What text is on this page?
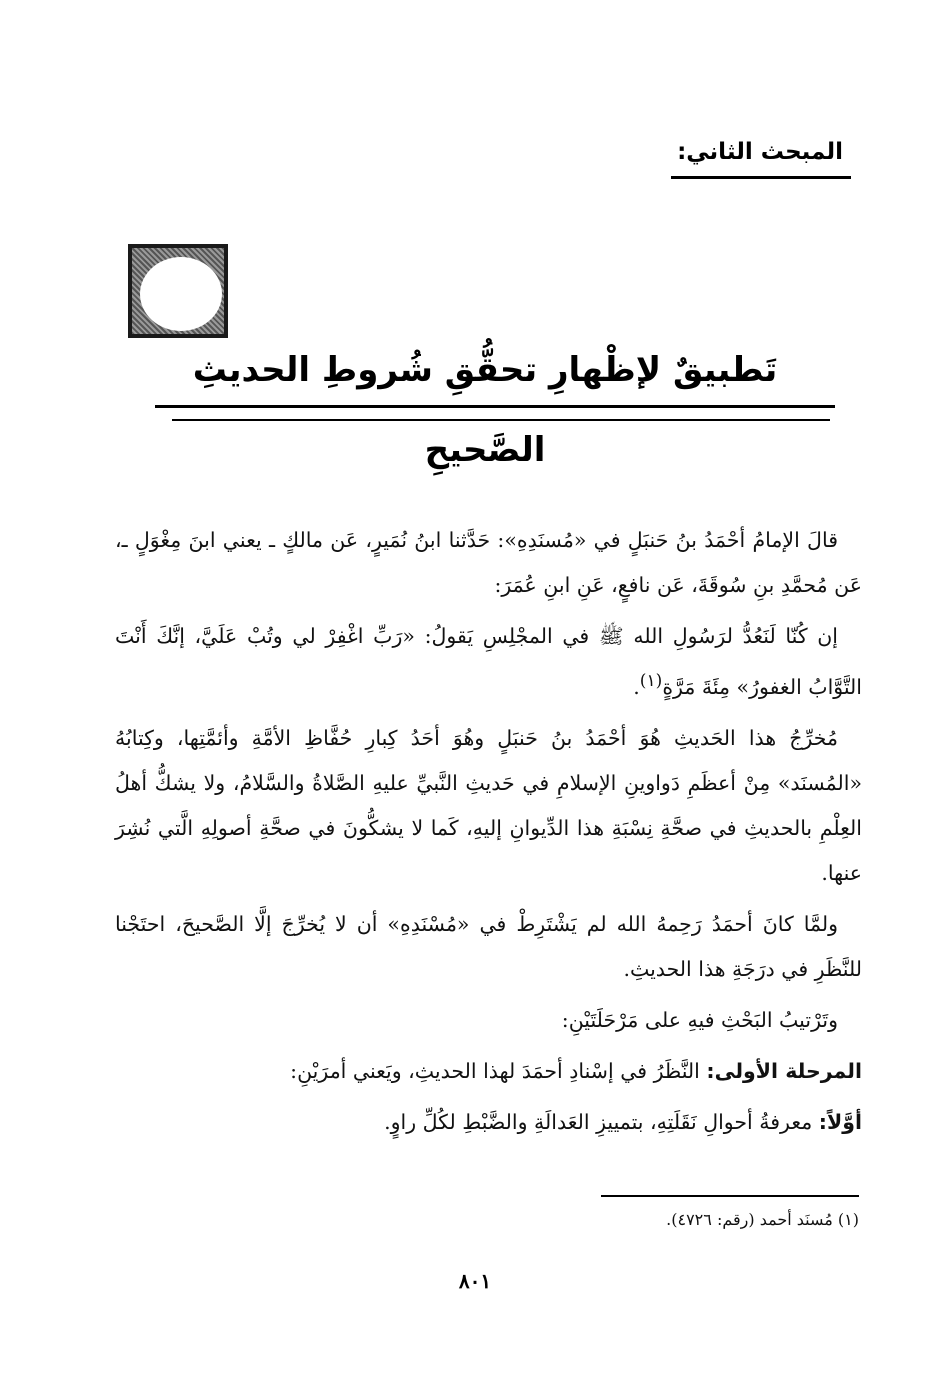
المبحث الثاني:
تَطبيقٌ لإظْهارِ تحقُّقِ شُروطِ الحديثِ الصَّحيحِ

قالَ الإمامُ أحْمَدُ بنُ حَنبَلٍ في «مُسنَدِهِ»: حَدَّثنا ابنُ نُمَيرٍ، عَن مالكٍ ـ يعني ابنَ مِغْوَلٍ ـ، عَن مُحمَّدِ بنِ سُوقَةَ، عَن نافعٍ، عَنِ ابنِ عُمَرَ:

إن كُنّا لَنَعُدُّ لرَسُولِ الله ﷺ في المجْلِسِ يَقولُ: «رَبِّ اغْفِرْ لي وتُبْ عَلَيَّ، إنَّكَ أَنْتَ التَّوَّابُ الغفورُ» مِئَةَ مَرَّةٍ$^{(١)}$.

مُخرِّجُ هذا الحَديثِ هُوَ أحْمَدُ بنُ حَنبَلٍ وهُوَ أحَدُ كِبارِ حُفَّاظِ الأمَّةِ وأئمَّتِها، وكِتابُهُ «المُسنَد» مِنْ أعظَمِ دَواوينِ الإسلامِ في حَديثِ النَّبيِّ عليهِ الصَّلاةُ والسَّلامُ، ولا يشكُّ أهلُ العِلْمِ بالحديثِ في صحَّةِ نِسْبَةِ هذا الدِّيوانِ إليهِ، كَما لا يشكُّونَ في صحَّةِ أصولِهِ الَّتي نُشِرَ عنها.

ولمَّا كانَ أحمَدُ رَحِمهُ الله لم يَشْتَرِطْ في «مُسْنَدِهِ» أن لا يُخرِّجَ إلَّا الصَّحيحَ، احتَجْنا للنَّظَرِ في درَجَةِ هذا الحديثِ.

وتَرْتيبُ البَحْثِ فيهِ على مَرْحَلَتَيْنِ:

المرحلة الأولى: النَّظَرُ في إسْنادِ أحمَدَ لهذا الحديثِ، ويَعني أمرَيْنِ:

أوَّلاً: معرفةُ أحوالِ نَقَلَتِهِ، بتمييزِ العَدالَةِ والضَّبْطِ لكُلِّ راوٍ.

(١) مُسنَد أحمد (رقم: ٤٧٢٦).
٨٠١
